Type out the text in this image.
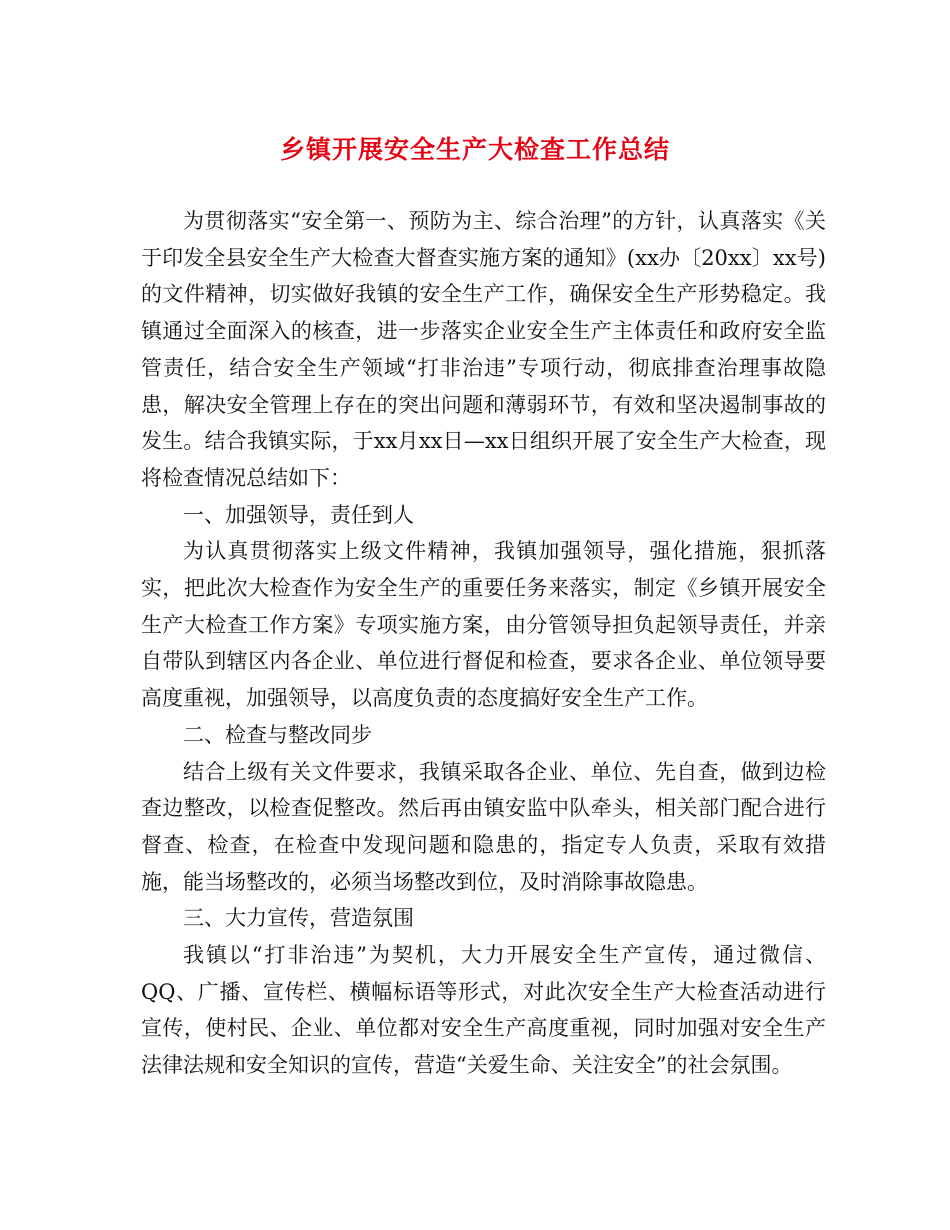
乡镇开展安全生产大检查工作总结

为贯彻落实“安全第一、预防为主、综合治理”的方针，认真落实《关于印发全县安全生产大检查大督查实施方案的通知》(xx办〔20xx〕xx号)的文件精神，切实做好我镇的安全生产工作，确保安全生产形势稳定。我镇通过全面深入的核查，进一步落实企业安全生产主体责任和政府安全监管责任，结合安全生产领域“打非治违”专项行动，彻底排查治理事故隐患，解决安全管理上存在的突出问题和薄弱环节，有效和坚决遏制事故的发生。结合我镇实际，于xx月xx日—xx日组织开展了安全生产大检查，现将检查情况总结如下：

一、加强领导，责任到人

为认真贯彻落实上级文件精神，我镇加强领导，强化措施，狠抓落实，把此次大检查作为安全生产的重要任务来落实，制定《乡镇开展安全生产大检查工作方案》专项实施方案，由分管领导担负起领导责任，并亲自带队到辖区内各企业、单位进行督促和检查，要求各企业、单位领导要高度重视，加强领导，以高度负责的态度搞好安全生产工作。

二、检查与整改同步

结合上级有关文件要求，我镇采取各企业、单位、先自查，做到边检查边整改，以检查促整改。然后再由镇安监中队牵头，相关部门配合进行督查、检查，在检查中发现问题和隐患的，指定专人负责，采取有效措施，能当场整改的，必须当场整改到位，及时消除事故隐患。

三、大力宣传，营造氛围

我镇以“打非治违”为契机，大力开展安全生产宣传，通过微信、QQ、广播、宣传栏、横幅标语等形式，对此次安全生产大检查活动进行宣传，使村民、企业、单位都对安全生产高度重视，同时加强对安全生产法律法规和安全知识的宣传，营造“关爱生命、关注安全”的社会氛围。
